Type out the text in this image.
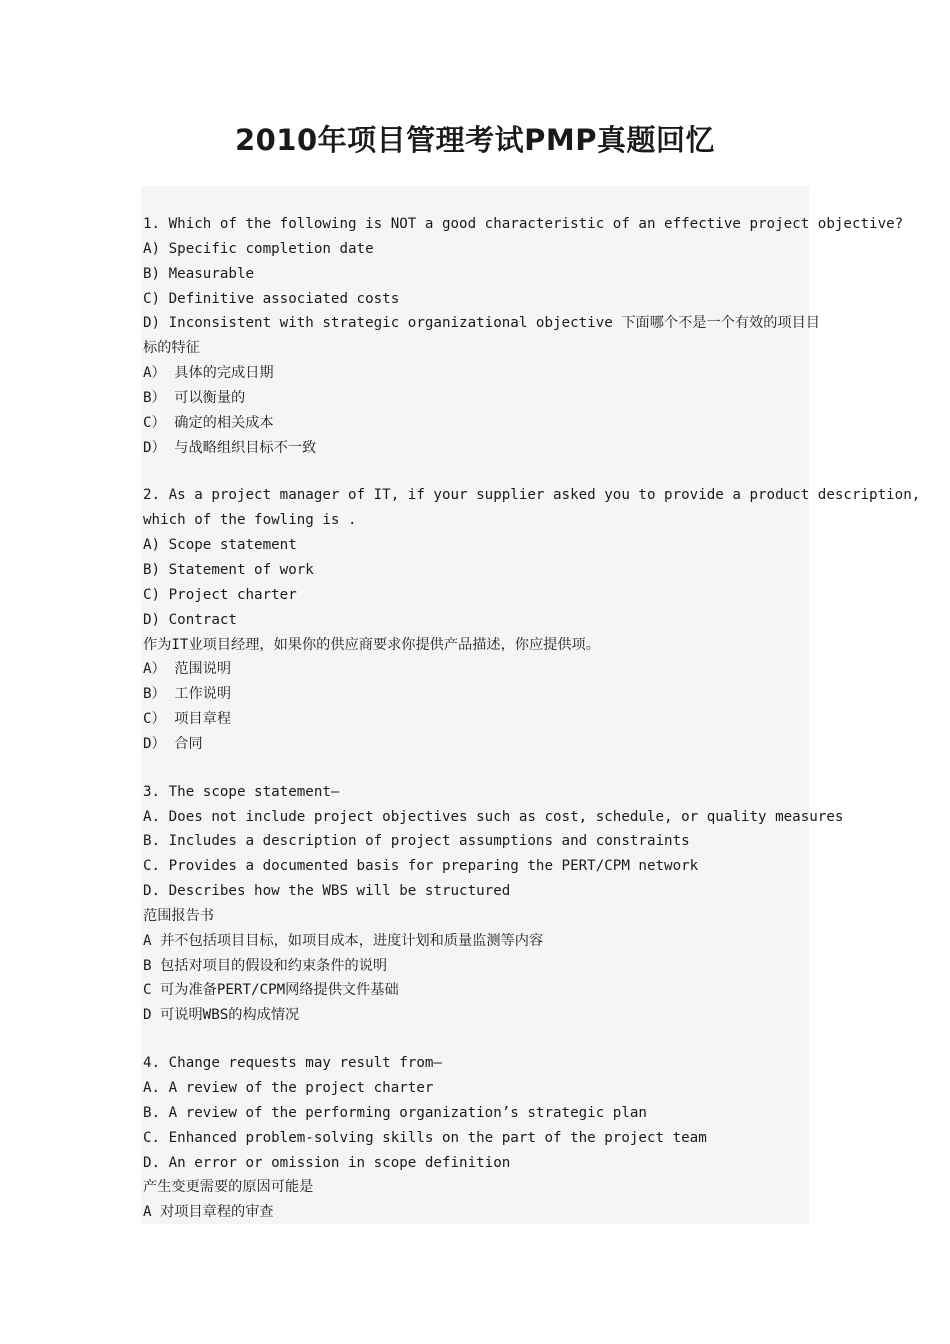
2010年项目管理考试PMP真题回忆
1. Which of the following is NOT a good characteristic of an effective project objective?
A) Specific completion date
B) Measurable
C) Definitive associated costs
D) Inconsistent with strategic organizational objective 下面哪个不是一个有效的项目目
标的特征
A） 具体的完成日期
B） 可以衡量的
C） 确定的相关成本
D） 与战略组织目标不一致
2. As a project manager of IT, if your supplier asked you to provide a product description,
which of the fowling is .
A) Scope statement
B) Statement of work
C) Project charter
D) Contract
作为IT业项目经理，如果你的供应商要求你提供产品描述，你应提供项。
A） 范围说明
B） 工作说明
C） 项目章程
D） 合同
3. The scope statement—
A. Does not include project objectives such as cost, schedule, or quality measures
B. Includes a description of project assumptions and constraints
C. Provides a documented basis for preparing the PERT/CPM network
D. Describes how the WBS will be structured
范围报告书
A 并不包括项目目标，如项目成本，进度计划和质量监测等内容
B 包括对项目的假设和约束条件的说明
C 可为准备PERT/CPM网络提供文件基础
D 可说明WBS的构成情况
4. Change requests may result from—
A. A review of the project charter
B. A review of the performing organization’s strategic plan
C. Enhanced problem-solving skills on the part of the project team
D. An error or omission in scope definition
产生变更需要的原因可能是
A 对项目章程的审查
